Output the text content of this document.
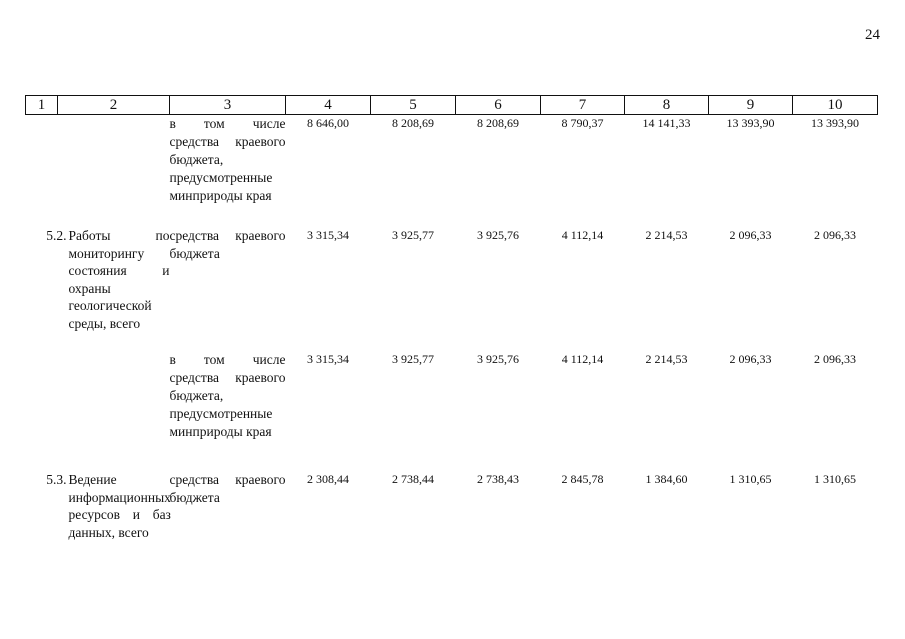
24
1	2	3	4	5	6	7	8	9	10

		в том числе средства краевого бюджета, предусмотренные минприроды края	8 646,00	8 208,69	8 208,69	8 790,37	14 141,33	13 393,90	13 393,90

5.2. Работы по мониторингу состояния и охраны геологической среды, всего		средства краевого бюджета	3 315,34	3 925,77	3 925,76	4 112,14	2 214,53	2 096,33	2 096,33

		в том числе средства краевого бюджета, предусмотренные минприроды края	3 315,34	3 925,77	3 925,76	4 112,14	2 214,53	2 096,33	2 096,33

5.3. Ведение информационных ресурсов и баз данных, всего		средства краевого бюджета	2 308,44	2 738,44	2 738,43	2 845,78	1 384,60	1 310,65	1 310,65
